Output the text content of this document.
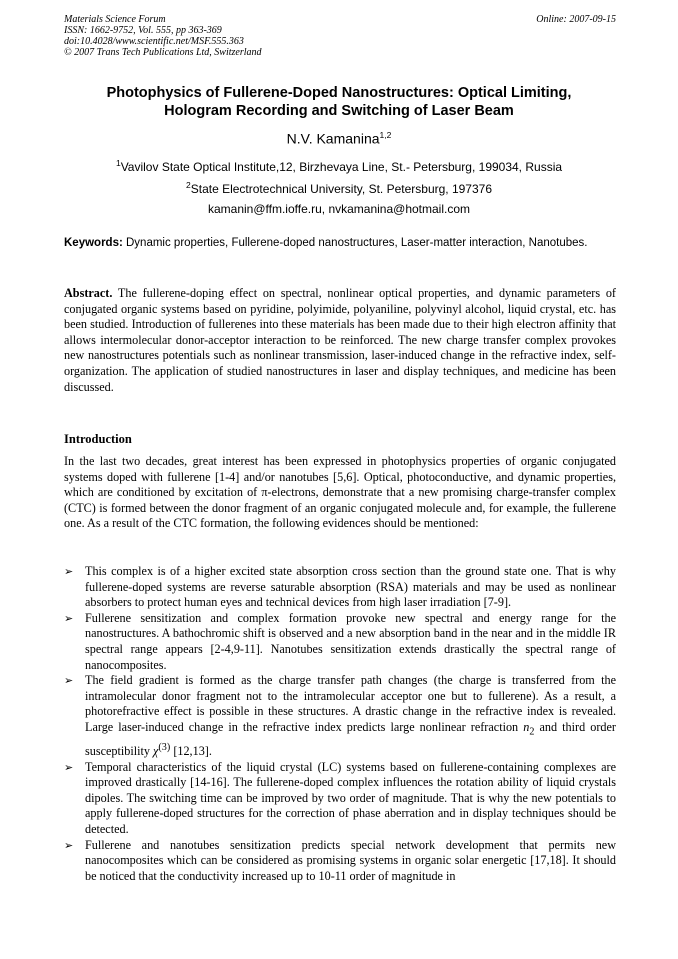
Materials Science Forum
ISSN: 1662-9752, Vol. 555, pp 363-369
doi:10.4028/www.scientific.net/MSF.555.363
© 2007 Trans Tech Publications Ltd, Switzerland
Online: 2007-09-15
Photophysics of Fullerene-Doped Nanostructures: Optical Limiting,
Hologram Recording and Switching of Laser Beam
N.V. Kamanina$^{1,2}$
$^1$Vavilov State Optical Institute,12, Birzhevaya Line, St.- Petersburg, 199034, Russia
$^2$State Electrotechnical University, St. Petersburg, 197376
kamanin@ffm.ioffe.ru, nvkamanina@hotmail.com
Keywords: Dynamic properties, Fullerene-doped nanostructures, Laser-matter interaction, Nanotubes.
Abstract. The fullerene-doping effect on spectral, nonlinear optical properties, and dynamic parameters of conjugated organic systems based on pyridine, polyimide, polyaniline, polyvinyl alcohol, liquid crystal, etc. has been studied. Introduction of fullerenes into these materials has been made due to their high electron affinity that allows intermolecular donor-acceptor interaction to be reinforced. The new charge transfer complex provokes new nanostructures potentials such as nonlinear transmission, laser-induced change in the refractive index, self-organization. The application of studied nanostructures in laser and display techniques, and medicine has been discussed.
Introduction
In the last two decades, great interest has been expressed in photophysics properties of organic conjugated systems doped with fullerene [1-4] and/or nanotubes [5,6]. Optical, photoconductive, and dynamic properties, which are conditioned by excitation of π-electrons, demonstrate that a new promising charge-transfer complex (CTC) is formed between the donor fragment of an organic conjugated molecule and, for example, the fullerene one. As a result of the CTC formation, the following evidences should be mentioned:
➢ This complex is of a higher excited state absorption cross section than the ground state one. That is why fullerene-doped systems are reverse saturable absorption (RSA) materials and may be used as nonlinear absorbers to protect human eyes and technical devices from high laser irradiation [7-9].
➢ Fullerene sensitization and complex formation provoke new spectral and energy range for the nanostructures. A bathochromic shift is observed and a new absorption band in the near and in the middle IR spectral range appears [2-4,9-11]. Nanotubes sensitization extends drastically the spectral range of nanocomposites.
➢ The field gradient is formed as the charge transfer path changes (the charge is transferred from the intramolecular donor fragment not to the intramolecular acceptor one but to fullerene). As a result, a photorefractive effect is possible in these structures. A drastic change in the refractive index is revealed. Large laser-induced change in the refractive index predicts large nonlinear refraction $n_2$ and third order susceptibility $\chi^{(3)}$ [12,13].
➢ Temporal characteristics of the liquid crystal (LC) systems based on fullerene-containing complexes are improved drastically [14-16]. The fullerene-doped complex influences the rotation ability of liquid crystals dipoles. The switching time can be improved by two order of magnitude. That is why the new potentials to apply fullerene-doped structures for the correction of phase aberration and in display techniques should be detected.
➢ Fullerene and nanotubes sensitization predicts special network development that permits new nanocomposites which can be considered as promising systems in organic solar energetic [17,18]. It should be noticed that the conductivity increased up to 10-11 order of magnitude in
